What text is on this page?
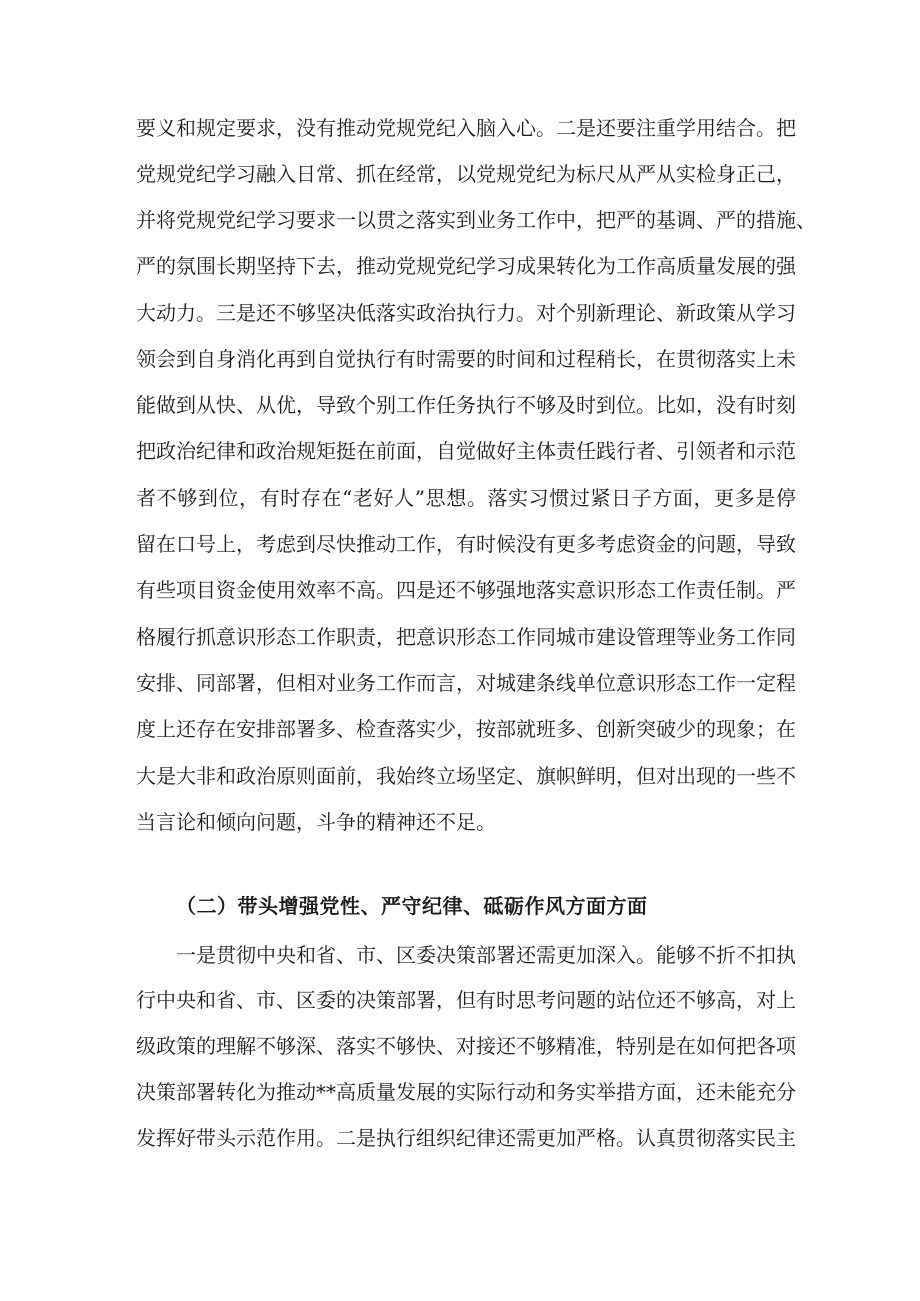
要义和规定要求，没有推动党规党纪入脑入心。二是还要注重学用结合。把
党规党纪学习融入日常、抓在经常，以党规党纪为标尺从严从实检身正己，
并将党规党纪学习要求一以贯之落实到业务工作中，把严的基调、严的措施、
严的氛围长期坚持下去，推动党规党纪学习成果转化为工作高质量发展的强
大动力。三是还不够坚决低落实政治执行力。对个别新理论、新政策从学习
领会到自身消化再到自觉执行有时需要的时间和过程稍长，在贯彻落实上未
能做到从快、从优，导致个别工作任务执行不够及时到位。比如，没有时刻
把政治纪律和政治规矩挺在前面，自觉做好主体责任践行者、引领者和示范
者不够到位，有时存在“老好人”思想。落实习惯过紧日子方面，更多是停
留在口号上，考虑到尽快推动工作，有时候没有更多考虑资金的问题，导致
有些项目资金使用效率不高。四是还不够强地落实意识形态工作责任制。严
格履行抓意识形态工作职责，把意识形态工作同城市建设管理等业务工作同
安排、同部署，但相对业务工作而言，对城建条线单位意识形态工作一定程
度上还存在安排部署多、检查落实少，按部就班多、创新突破少的现象；在
大是大非和政治原则面前，我始终立场坚定、旗帜鲜明，但对出现的一些不
当言论和倾向问题，斗争的精神还不足。
（二）带头增强党性、严守纪律、砥砺作风方面方面
一是贯彻中央和省、市、区委决策部署还需更加深入。能够不折不扣执
行中央和省、市、区委的决策部署，但有时思考问题的站位还不够高，对上
级政策的理解不够深、落实不够快、对接还不够精准，特别是在如何把各项
决策部署转化为推动**高质量发展的实际行动和务实举措方面，还未能充分
发挥好带头示范作用。二是执行组织纪律还需更加严格。认真贯彻落实民主
